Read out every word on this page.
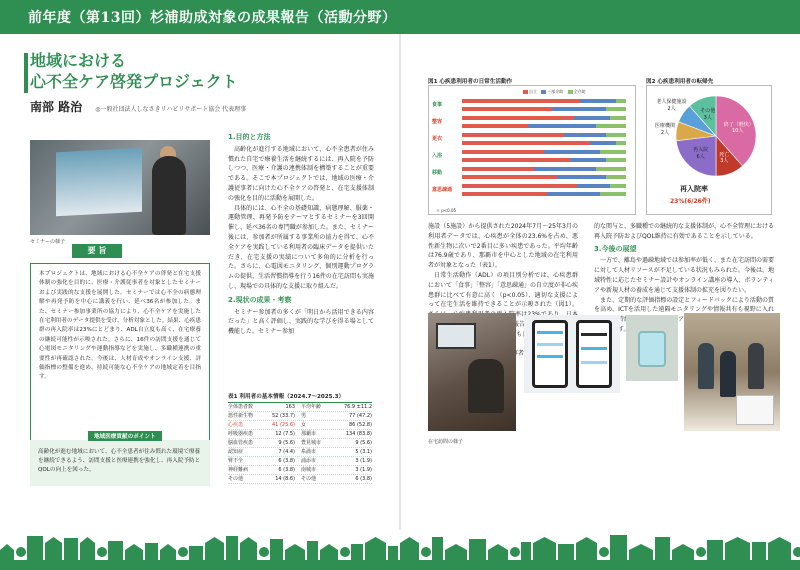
前年度（第13回）杉浦助成対象の成果報告（活動分野）
地域における
心不全ケア啓発プロジェクト
南部 路治 ◎一般社団法人しなさきリハビリサポート協会 代表理事
セミナーの様子
本プロジェクトは、地域における心不全ケアの啓発と在宅支援体制の強化を目的に、医療・介護従事者を対象としたセミナーおよび実践的な支援を展開した。セミナーでは心不全の病態理解や再発予防を中心に講義を行い、延べ36名が参加した。また、セミナー参加事業所の協力により、心不全ケアを実施した在宅利用者のデータ提供を受け、分析対象とした。結果、心疾患群の再入院率は23%にとどまり、ADL自立度も高く、在宅療養の継続可能性が示唆された。さらに、16件の訪問支援を通じて心電図モニタリングや運動指導などを実施し、多職種連携の重要性が再確認された。今後は、人材育成やオンライン支援、評価指標の整備を進め、持続可能な心不全ケアの地域定着を目指す。
要 旨
高齢化が進む地域において、心不全患者が住み慣れた環境で療養を継続できるよう、訪問支援と医療連携を強化し、再入院予防とQOLの向上を図った。
地域医療貢献のポイント
1.目的と方法

高齢化が進行する地域において、心不全患者が住み慣れた自宅で療養生活を継続するには、再入院を予防しつつ、医療・介護の連携体制を構築することが重要である。そこで本プロジェクトでは、地域の医療・介護従事者に向けた心不全ケアの啓発と、在宅支援体制の強化を目的に活動を展開した。

具体的には、心不全の基礎知識、病態理解、服薬・運動管理、再発予防をテーマとするセミナーを3回開催し、延べ36名の専門職が参加した。また、セミナー後には、参加者が所属する事業所の協力を得て、心不全ケアを実践している利用者の臨床データを提供いただき、在宅支援の実績について多角的に分析を行った。さらに、心電図モニタリング、個別運動プログラムの提供、生活習慣指導を行う16件の在宅訪問も実施し、現場での具体的な支援に取り組んだ。

2.現状の成果・考察

セミナー参加者の多くが「明日から活用できる内容だった」と高く評価し、実践的な学びを得る場として機能した。セミナー参加

表1 利用者の基本情報（2024.7～2025.3）
全体患者数	163	平均年齢	76.9 ±11.2
悪性新生物	52 (33.7)	男	77 (47.2)
心疾患	41 (25.6)	女	86 (52.8)
呼吸器疾患	12 (7.5)	那覇市	134 (83.8)
脳血管疾患	9 (5.6)	豊見城市	9 (5.6)
認知症	7 (4.4)	糸満市	5 (3.1)
腎不全	6 (3.8)	浦添市	3 (1.9)
神経難病	6 (3.8)	南城市	3 (1.9)
その他	14 (8.6)	その他	6 (3.8)
図1 心疾患利用者の日常生活動作
自立	一部介助	全介助
食事
整容
更衣
入浴
移動
意思疎通
＊ p<0.05
図2 心疾患利用者の転帰先
終了（軽快）
10人
死亡
3人
再入院
6人
医療機関
2人
老人保健施設
2人	その他
3人
再入院率
23%(6/26件)

施設（5施設）から提供された2024年7月～25年3月の利用者データでは、心疾患が全体の23.6%を占め、悪性新生物に次いで2番目に多い疾患であった。平均年齢は76.9歳であり、那覇市を中心とした地域の在宅利用者が対象となった（表1）。

日常生活動作（ADL）の項目別分析では、心疾患群において「食事」「整容」「意思疎通」の自立度が非心疾患群に比べて有意に高く（p<0.05）、適切な支援によって在宅生活を維持できることが示唆された（図1）。 院率は 報告す 較しても良好

的な関与と、多職種での継続的な支援体制が、心不全管理における再入院予防およびQOL維持に有効であることを示している。

3.今後の展望

一方で、離島や過疎地域では参加率が低く、また在宅訪問の需要に対して人材リソースが不足している状況もみられた。今後は、地域特性に応じたセミナー設計やオンライン講座の導入、ボランティアや新規人材の養成を通じて支援体制の拡充を図りたい。

また、定期的な評価指標の設定とフィードバックにより活動の質を高め、ICTを活用した遠隔モニタリングや情報共有も視野に入れ 、持続 ケア 指す。

在宅訪問の様子
